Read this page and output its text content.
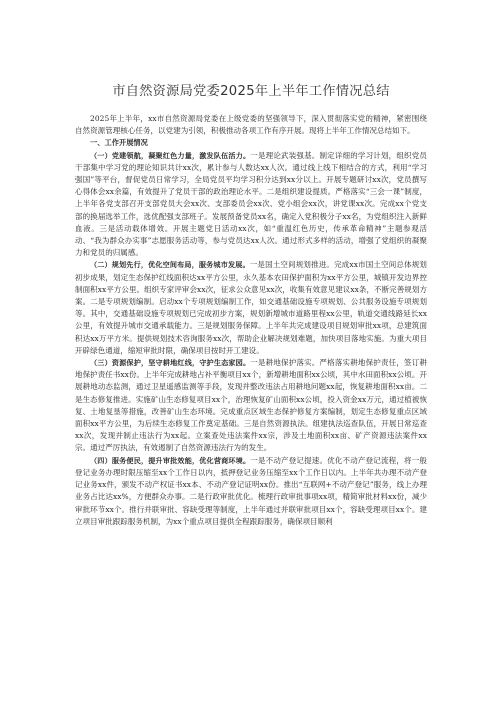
市自然资源局党委2025年上半年工作情况总结

2025年上半年，xx市自然资源局党委在上级党委的坚强领导下，深入贯彻落实党的精神，紧密围绕自然资源管理核心任务，以党建为引领，积极推动各项工作有序开展。现将上半年工作情况总结如下。

一、工作开展情况

（一）党建领航，凝聚红色力量，激发队伍活力。一是理论武装强基。制定详细的学习计划，组织党员干部集中学习党的理论知识共计xx次，累计参与人数达xx人次。通过线上线下相结合的方式，利用“学习强国”等平台，督促党员日常学习，全局党员平均学习积分达到xx分以上。开展专题研讨xx次，党员撰写心得体会xx余篇，有效提升了党员干部的政治理论水平。二是组织建设提质。严格落实“三会一课”制度，上半年各党支部召开支部党员大会xx次、支部委员会xx次、党小组会xx次，讲党课xx次。完成xx个党支部的换届选举工作，选优配强支部班子。发展预备党员xx名，确定入党积极分子xx名，为党组织注入新鲜血液。三是活动载体增效。开展主题党日活动xx次，如“重温红色历史，传承革命精神”主题参观活动、“我为群众办实事”志愿服务活动等，参与党员达xx人次。通过形式多样的活动，增强了党组织的凝聚力和党员的归属感。

（二）规划先行，优化空间布局，服务城市发展。一是国土空间规划推进。完成xx市国土空间总体规划初步成果，划定生态保护红线面积达xx平方公里，永久基本农田保护面积为xx平方公里，城镇开发边界控制面积xx平方公里。组织专家评审会xx次，征求公众意见xx次，收集有效意见建议xx条，不断完善规划方案。二是专项规划编制。启动xx个专项规划编制工作，如交通基础设施专项规划、公共服务设施专项规划等。其中，交通基础设施专项规划已完成初步方案，规划新增城市道路里程xx公里，轨道交通线路延长xx公里，有效提升城市交通承载能力。三是规划服务保障。上半年共完成建设项目规划审批xx项，总建筑面积达xx万平方米。提供规划技术咨询服务xx次，帮助企业解决规划难题，加快项目落地实施。为重大项目开辟绿色通道，缩短审批时限，确保项目按时开工建设。

（三）资源保护，坚守耕地红线，守护生态家园。一是耕地保护落实。严格落实耕地保护责任，签订耕地保护责任书xx份。上半年完成耕地占补平衡项目xx个，新增耕地面积xx公顷，其中水田面积xx公顷。开展耕地动态监测，通过卫星遥感监测等手段，发现并整改违法占用耕地问题xx起，恢复耕地面积xx亩。二是生态修复推进。实施矿山生态修复项目xx个，治理恢复矿山面积xx公顷，投入资金xx万元，通过植被恢复、土地复垦等措施，改善矿山生态环境。完成重点区域生态保护修复方案编制，划定生态修复重点区域面积xx平方公里，为后续生态修复工作奠定基础。三是自然资源执法。组建执法巡查队伍，开展日常巡查xx次，发现并制止违法行为xx起。立案查处违法案件xx宗，涉及土地面积xx亩、矿产资源违法案件xx宗。通过严厉执法，有效遏制了自然资源违法行为的发生。

（四）服务便民，提升审批效能，优化营商环境。一是不动产登记提速。优化不动产登记流程，将一般登记业务办理时限压缩至xx个工作日以内，抵押登记业务压缩至xx个工作日以内。上半年共办理不动产登记业务xx件，颁发不动产权证书xx本、不动产登记证明xx份。推出“互联网+不动产登记”服务，线上办理业务占比达xx%，方便群众办事。二是行政审批优化。梳理行政审批事项xx项，精简审批材料xx份，减少审批环节xx个。推行并联审批、容缺受理等制度，上半年通过并联审批项目xx个，容缺受理项目xx个。建立项目审批跟踪服务机制，为xx个重点项目提供全程跟踪服务，确保项目顺利
